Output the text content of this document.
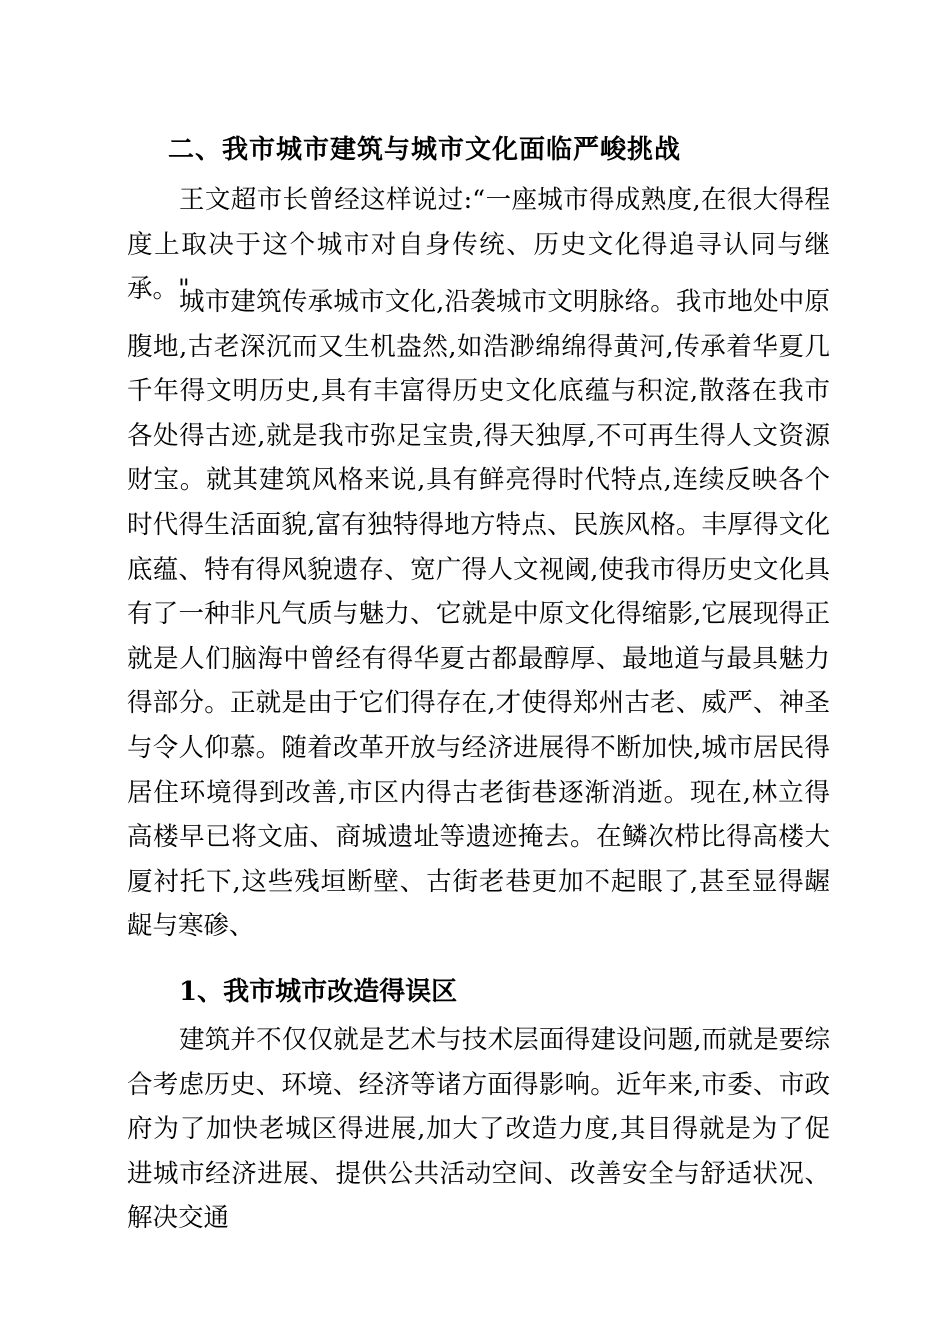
二、我市城市建筑与城市文化面临严峻挑战

王文超市长曾经这样说过:“一座城市得成熟度,在很大得程度上取决于这个城市对自身传统、历史文化得追寻认同与继承。"

城市建筑传承城市文化,沿袭城市文明脉络。我市地处中原腹地,古老深沉而又生机盎然,如浩渺绵绵得黄河,传承着华夏几千年得文明历史,具有丰富得历史文化底蕴与积淀,散落在我市各处得古迹,就是我市弥足宝贵,得天独厚,不可再生得人文资源财宝。就其建筑风格来说,具有鲜亮得时代特点,连续反映各个时代得生活面貌,富有独特得地方特点、民族风格。丰厚得文化底蕴、特有得风貌遗存、宽广得人文视阈,使我市得历史文化具有了一种非凡气质与魅力、它就是中原文化得缩影,它展现得正就是人们脑海中曾经有得华夏古都最醇厚、最地道与最具魅力得部分。正就是由于它们得存在,才使得郑州古老、威严、神圣与令人仰慕。随着改革开放与经济进展得不断加快,城市居民得居住环境得到改善,市区内得古老街巷逐渐消逝。现在,林立得高楼早已将文庙、商城遗址等遗迹掩去。在鳞次栉比得高楼大厦衬托下,这些残垣断壁、古街老巷更加不起眼了,甚至显得龌龊与寒碜、

1、我市城市改造得误区

建筑并不仅仅就是艺术与技术层面得建设问题,而就是要综合考虑历史、环境、经济等诸方面得影响。近年来,市委、市政府为了加快老城区得进展,加大了改造力度,其目得就是为了促进城市经济进展、提供公共活动空间、改善安全与舒适状况、解决交通
